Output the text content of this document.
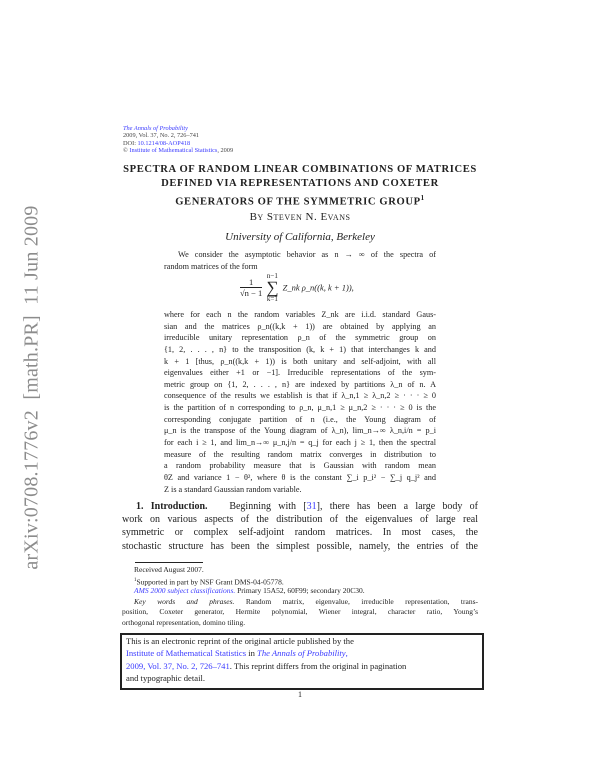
arXiv:0708.1776v2  [math.PR]  11 Jun 2009
The Annals of Probability
2009, Vol. 37, No. 2, 726–741
DOI: 10.1214/08-AOP418
© Institute of Mathematical Statistics, 2009
SPECTRA OF RANDOM LINEAR COMBINATIONS OF MATRICES
DEFINED VIA REPRESENTATIONS AND COXETER
GENERATORS OF THE SYMMETRIC GROUP$^1$
By Steven N. Evans
University of California, Berkeley
We consider the asymptotic behavior as n → ∞ of the spectra of
random matrices of the form
$\frac{1}{√n - 1} n-1$
∑
k=1 Z_nk ρ_n((k, k + 1)),
where for each n the random variables Z_nk are i.i.d. standard Gaus-
sian and the matrices ρ_n((k,k + 1)) are obtained by applying an
irreducible unitary representation ρ_n of the symmetric group on
{1, 2, . . . , n} to the transposition (k, k + 1) that interchanges k and
k + 1 [thus, ρ_n((k,k + 1)) is both unitary and self-adjoint, with all
eigenvalues either +1 or −1]. Irreducible representations of the sym-
metric group on {1, 2, . . . , n} are indexed by partitions λ_n of n. A
consequence of the results we establish is that if λ_n,1 ≥ λ_n,2 ≥ · · · ≥ 0
is the partition of n corresponding to ρ_n, μ_n,1 ≥ μ_n,2 ≥ · · · ≥ 0 is the
corresponding conjugate partition of n (i.e., the Young diagram of
μ_n is the transpose of the Young diagram of λ_n), lim_n→∞ λ_n,i/n = p_i
for each i ≥ 1, and lim_n→∞ μ_n,j/n = q_j for each j ≥ 1, then the spectral
measure of the resulting random matrix converges in distribution to
a random probability measure that is Gaussian with random mean
θZ and variance 1 − θ², where θ is the constant ∑_i p_i² − ∑_j q_j² and
Z is a standard Gaussian random variable.
1. Introduction. Beginning with [31], there has been a large body of
work on various aspects of the distribution of the eigenvalues of large real
symmetric or complex self-adjoint random matrices. In most cases, the
stochastic structure has been the simplest possible, namely, the entries of the
Received August 2007.
$^1$Supported in part by NSF Grant DMS-04-05778.
AMS 2000 subject classifications. Primary 15A52, 60F99; secondary 20C30.
Key words and phrases. Random matrix, eigenvalue, irreducible representation, trans-
position, Coxeter generator, Hermite polynomial, Wiener integral, character ratio, Young’s
orthogonal representation, domino tiling.
This is an electronic reprint of the original article published by the
Institute of Mathematical Statistics in The Annals of Probability,
2009, Vol. 37, No. 2, 726–741. This reprint differs from the original in pagination
and typographic detail.
1
